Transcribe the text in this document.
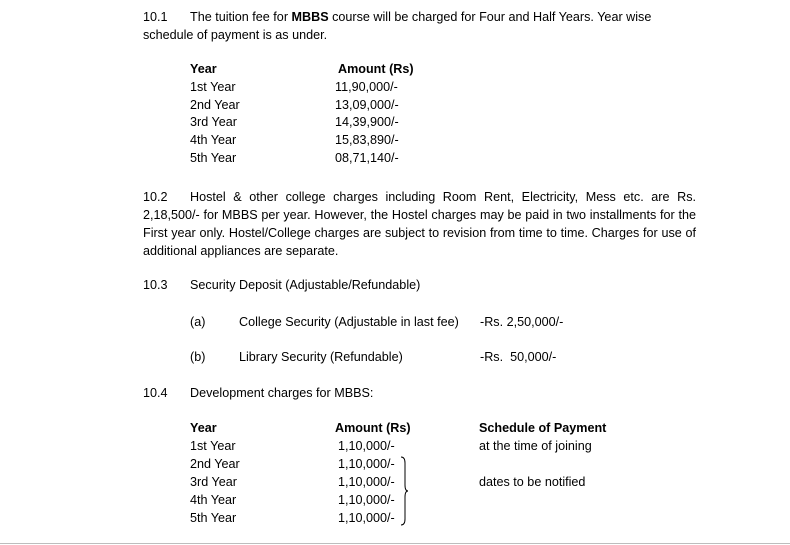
10.1 The tuition fee for MBBS course will be charged for Four and Half Years. Year wise schedule of payment is as under.
Year	Amount (Rs)
1st Year	11,90,000/-
2nd Year	13,09,000/-
3rd Year	14,39,900/-
4th Year	15,83,890/-
5th Year	08,71,140/-
10.2 Hostel & other college charges including Room Rent, Electricity, Mess etc. are Rs. 2,18,500/- for MBBS per year. However, the Hostel charges may be paid in two installments for the First year only. Hostel/College charges are subject to revision from time to time. Charges for use of additional appliances are separate.
10.3 Security Deposit (Adjustable/Refundable)
(a)	College Security (Adjustable in last fee) -Rs. 2,50,000/-
(b)	Library Security (Refundable)	-Rs.  50,000/-
10.4 Development charges for MBBS:
Year	Amount (Rs)	Schedule of Payment
1st Year	1,10,000/-	at the time of joining
2nd Year	1,10,000/-
3rd Year	1,10,000/-	dates to be notified
4th Year	1,10,000/-
5th Year	1,10,000/-
